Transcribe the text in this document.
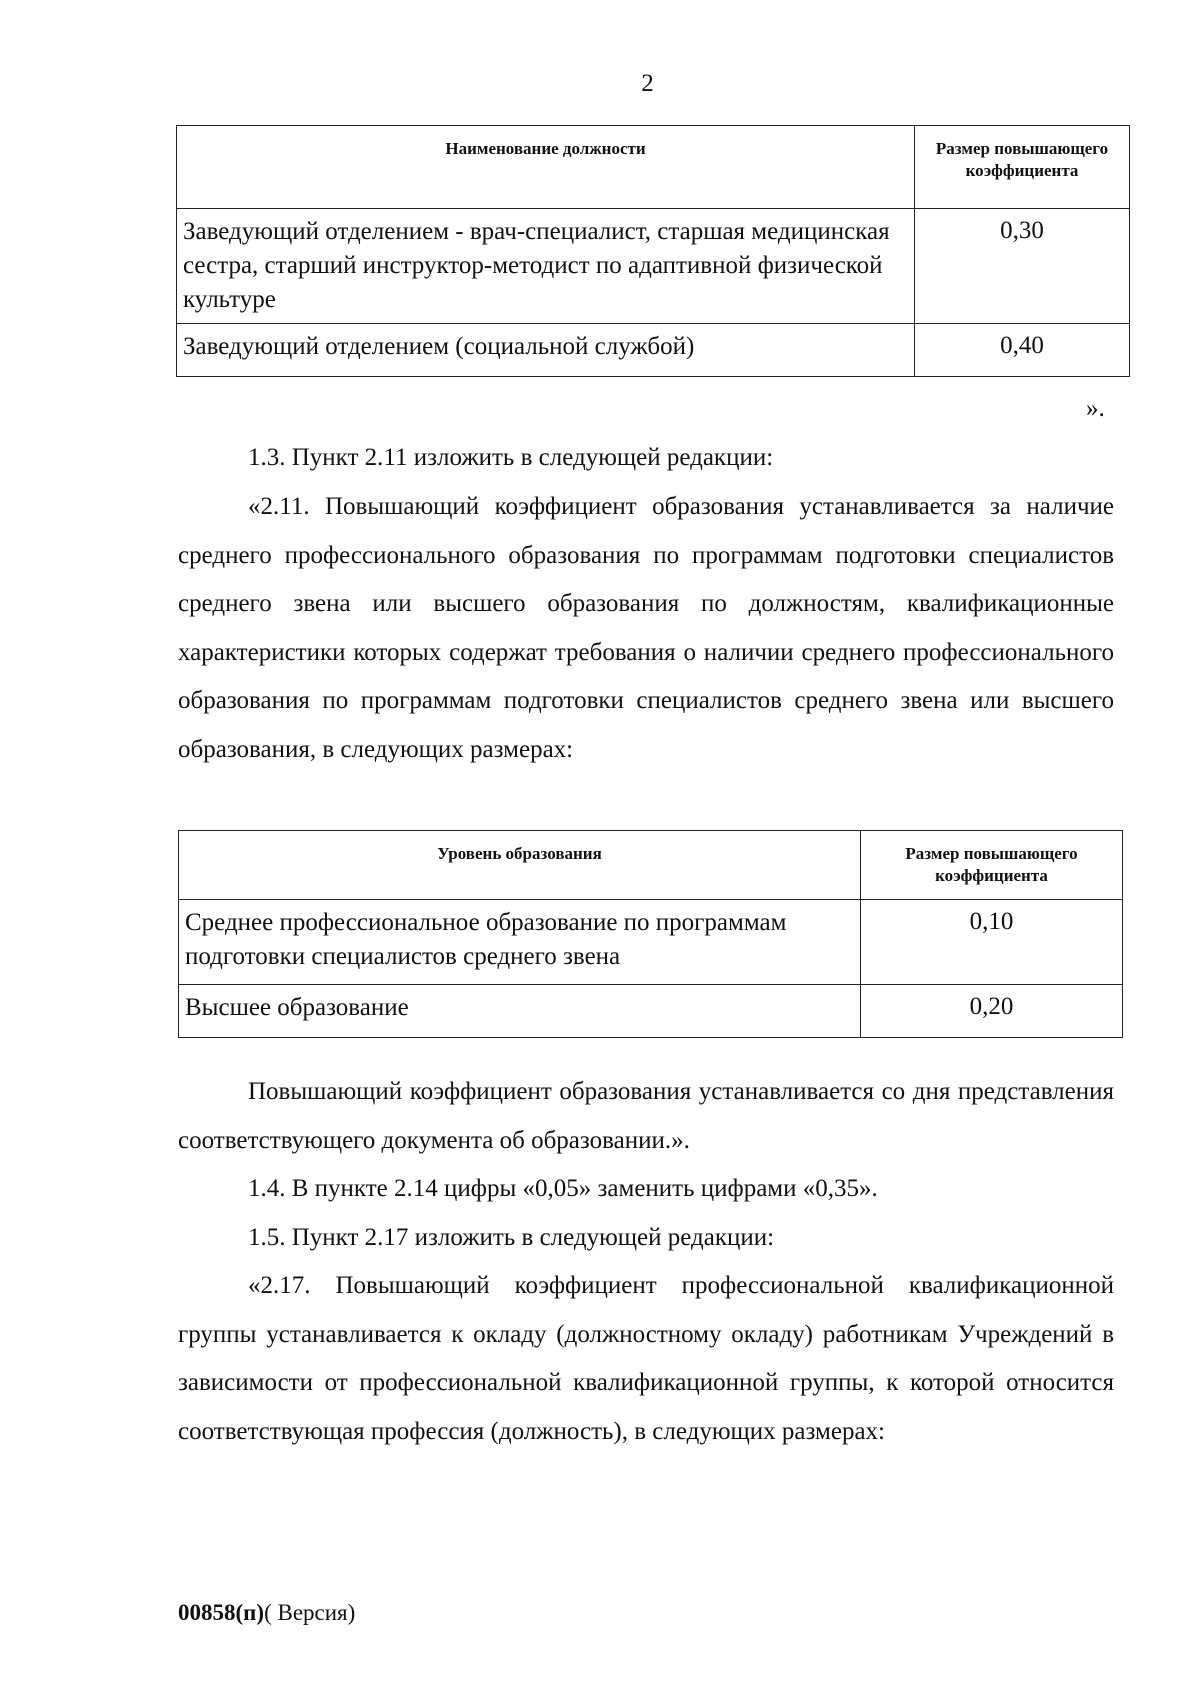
2
Наименование должности	Размер повышающего коэффициента
Заведующий отделением - врач-специалист, старшая медицинская сестра, старший инструктор-методист по адаптивной физической культуре	0,30
Заведующий отделением (социальной службой)	0,40
».

1.3. Пункт 2.11 изложить в следующей редакции:

«2.11. Повышающий коэффициент образования устанавливается за наличие среднего профессионального образования по программам подготовки специалистов среднего звена или высшего образования по должностям, квалификационные характеристики которых содержат требования о наличии среднего профессионального образования по программам подготовки специалистов среднего звена или высшего образования, в следующих размерах:

Уровень образования	Размер повышающего коэффициента
Среднее профессиональное образование по программам подготовки специалистов среднего звена	0,10
Высшее образование	0,20

Повышающий коэффициент образования устанавливается со дня представления соответствующего документа об образовании.».

1.4. В пункте 2.14 цифры «0,05» заменить цифрами «0,35».

1.5. Пункт 2.17 изложить в следующей редакции:

«2.17. Повышающий коэффициент профессиональной квалификационной группы устанавливается к окладу (должностному окладу) работникам Учреждений в зависимости от профессиональной квалификационной группы, к которой относится соответствующая профессия (должность), в следующих размерах:

00858(п)( Версия)
